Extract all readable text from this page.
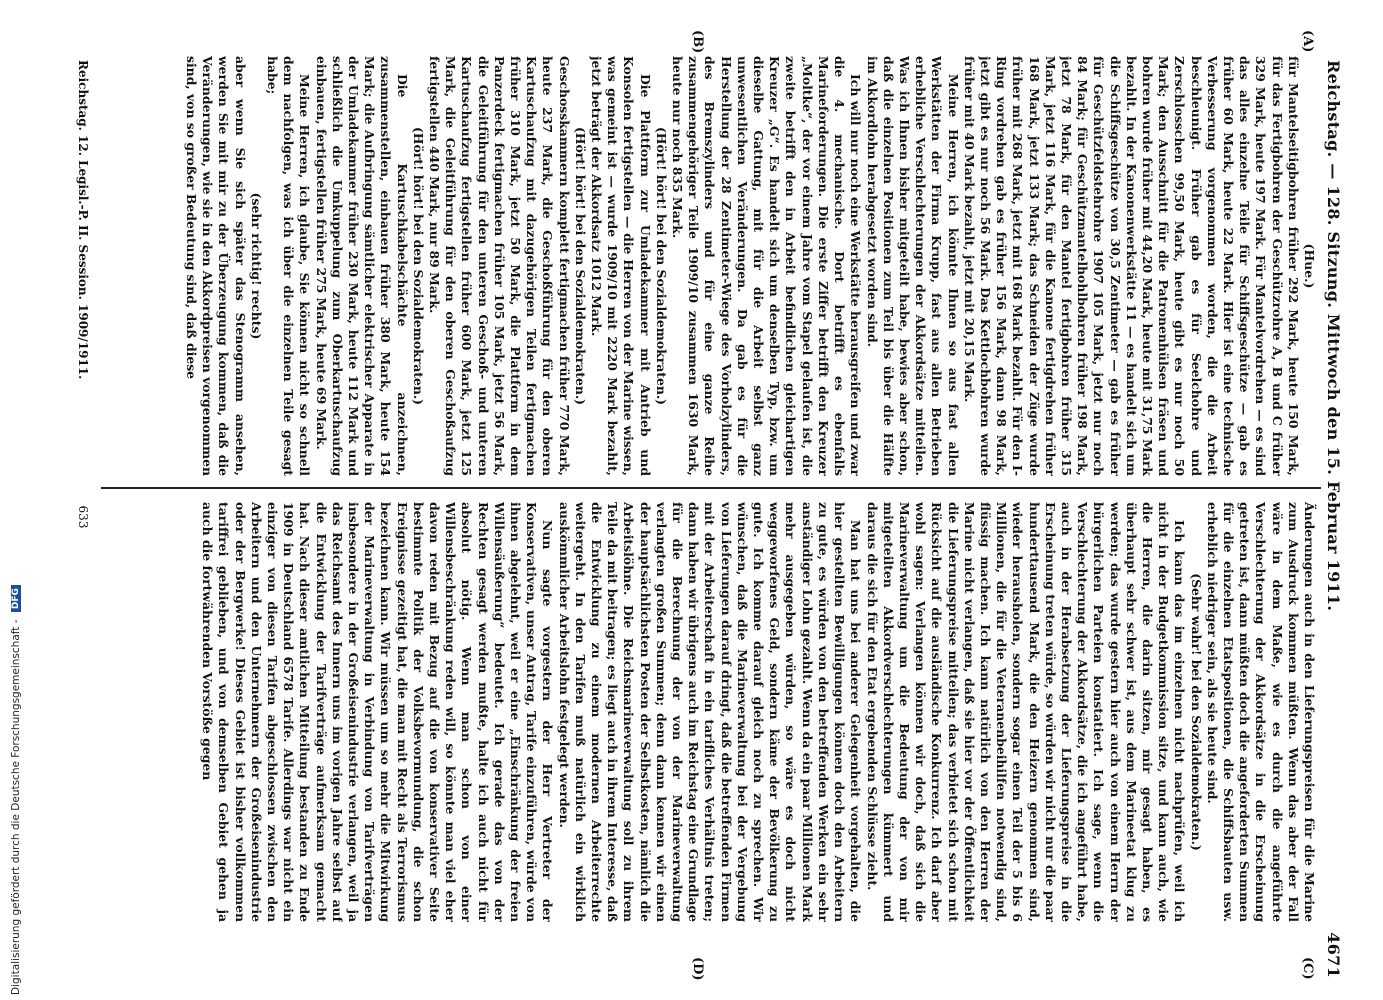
Reichstag. — 128. Sitzung. Mittwoch den 15. Februar 1911.
4671
(A)
(B)
(C)
(D)

(Hue.)

für Mantelseitigbohren früher 292 Mark, heute 150 Mark, für das Fertigbohren der Geschützrohre A, B und C früher 329 Mark, heute 197 Mark. Für Mantelvordrehen — es sind das alles einzelne Teile für Schiffsgeschütze — gab es früher 60 Mark, heute 22 Mark. Hier ist eine technische Verbesserung vorgenommen worden, die die Arbeit beschleunigt. Früher gab es für Seelchohre und Zerschlosschen 99,50 Mark, heute gibt es nur noch 50 Mark; den Ausschnitt für die Patronenhülsen fräsen und bohren wurde früher mit 44,20 Mark, heute mit 31,75 Mark bezahlt. In der Kanonenwerkstätte 11 — es handelt sich um die Schiffsgeschütze von 30,5 Zentimeter — gab es früher für Geschützfeldstehrohre 1907 105 Mark, jetzt nur noch 84 Mark; für Geschützmantelhohlbohren früher 198 Mark, jetzt 78 Mark, für den Mantel fertigbohren früher 315 Mark, jetzt 116 Mark, für die Kanone fertigdrehen früher 168 Mark, jetzt 133 Mark; das Schneiden der Züge wurde früher mit 268 Mark, jetzt mit 168 Mark bezahlt. Für den I-Ring vordrehen gab es früher 156 Mark, dann 98 Mark, jetzt gibt es nur noch 56 Mark. Das Kettlochbohren wurde früher mit 40 Mark bezahlt, jetzt mit 20,15 Mark.

Meine Herren, ich könnte Ihnen so aus fast allen Werkstätten der Firma Krupp, fast aus allen Betrieben erhebliche Verschlechterungen der Akkordsätze mitteilen. Was ich Ihnen bisher mitgeteilt habe, bewies aber schon, daß die einzelnen Positionen zum Teil bis über die Hälfte im Akkordlohn herabgesetzt worden sind.

Ich will nur noch eine Werkstätte herausgreifen und zwar die 4. mechanische. Dort betrifft es ebenfalls Marineforderungen. Die erste Ziffer betrifft den Kreuzer „Moltke“, der vor einem Jahre vom Stapel gelaufen ist, die zweite betrifft den in Arbeit befindlichen gleichartigen Kreuzer „G“. Es handelt sich um denselben Typ, bzw. um dieselbe Gattung, mit für die Arbeit selbst ganz unwesentlichen Veränderungen. Da gab es für die Herstellung der 28 Zentimeter-Wiege des Vorholzylinders, des Bremszylinders und für eine ganze Reihe zusammengehöriger Teile 1909/10 zusammen 1630 Mark, heute nur noch 835 Mark.

(Hört! hört! bei den Sozialdemokraten.)

Die Plattform zur Umladekammer mit Antrieb und Konsolen fertigstellen — die Herren von der Marine wissen, was gemeint ist — wurde 1909/10 mit 2220 Mark bezahlt, jetzt beträgt der Akkordsatz 1012 Mark.

(Hört! hört! bei den Sozialdemokraten.)

Geschosskammern komplett fertigmachen früher 770 Mark, heute 237 Mark, die Geschoßführung für den oberen Kartuschaufzug mit dazugehörigen Teilen fertigmachen früher 310 Mark, jetzt 50 Mark, die Plattform in dem Panzerdeck fertigmachen früher 105 Mark, jetzt 56 Mark, die Geleitführung für den unteren Geschoß- und unteren Kartuschaufzug fertigstellen früher 600 Mark, jetzt 125 Mark, die Geleitführung für den oberen Geschoßaufzug fertigstellen 440 Mark, nur 89 Mark.

(Hört! hört! bei den Sozialdemokraten.)

Die Kartuschkabelschächte anzeichnen, zusammenstellen, einbauen früher 380 Mark, heute 154 Mark; die Aufbringung sämtlicher elektrischer Apparate in der Umladekammer früher 230 Mark, heute 112 Mark und schließlich die Umkuppelung zum Oberkartuschaufzug einbauen, fertigstellen früher 275 Mark, heute 69 Mark.

Meine Herren, ich glaube, Sie können nicht so schnell dem nachfolgen, was ich über die einzelnen Teile gesagt habe;

(sehr richtig! rechts)

aber wenn Sie sich später das Stenogramm ansehen, werden Sie mit mir zu der Überzeugung kommen, daß die Veränderungen, wie sie in den Akkordpreisen vorgenommen sind, von so großer Bedeutung sind, daß diese

Änderungen auch in den Lieferungspreisen für die Marine zum Ausdruck kommen müßten. Wenn das aber der Fall wäre in dem Maße, wie es durch die angeführte Verschlechterung der Akkordsätze in die Erscheinung getreten ist, dann müßten doch die angeforderten Summen für die einzelnen Etatspositionen, die Schiffsbauten usw. erheblich niedriger sein, als sie heute sind.

(Sehr wahr! bei den Sozialdemokraten.)

Ich kann das im einzelnen nicht nachprüfen, weil ich nicht in der Budgetkommission sitze, und kann auch, wie die Herren, die darin sitzen, mir gesagt haben, es überhaupt sehr schwer ist, aus dem Marineetat klug zu werden; das wurde gestern hier auch von einem Herrn der bürgerlichen Parteien konstatiert. Ich sage, wenn die Verschlechterung der Akkordsätze, die ich angeführt habe, auch in der Herabsetzung der Lieferungspreise in die Erscheinung treten würde, so würden wir nicht nur die paar hunderttausend Mark, die den Heizern genommen sind, wieder herausholen, sondern sogar einen Teil der 5 bis 6 Millionen, die für die Veteranenbeihilfen notwendig sind, flüssig machen. Ich kann natürlich von den Herren der Marine nicht verlangen, daß sie hier vor der Öffentlichkeit die Lieferungspreise mitteilen; das verbietet sich schon mit Rücksicht auf die ausländische Konkurrenz. Ich darf aber wohl sagen: Verlangen können wir doch, daß sich die Marineverwaltung um die Bedeutung der von mir mitgeteilten Akkordverschlechterungen kümmert und daraus die sich für den Etat ergebenden Schlüsse zieht.

Man hat uns bei anderer Gelegenheit vorgehalten, die hier gestellten Bewilligungen können doch den Arbeitern zu gute, es würden von den betreffenden Werken ein sehr anständiger Lohn gezahlt. Wenn da ein paar Millionen Mark mehr ausgegeben würden, so wäre es doch nicht weggeworfenes Geld, sondern käme der Bevölkerung zu gute. Ich komme darauf gleich noch zu sprechen. Wir wünschen, daß die Marineverwaltung bei der Vergebung von Lieferungen darauf dringt, daß die betreffenden Firmen mit der Arbeiterschaft in ein tarifliches Verhältnis treten; dann haben wir übrigens auch im Reichstag eine Grundlage für die Berechnung der von der Marineverwaltung verlangten großen Summen; denn dann kennen wir einen der hauptsächlichsten Posten der Selbstkosten, nämlich die Arbeitslöhne. Die Reichsmarineverwaltung soll zu ihrem Teile da mit beitragen; es liegt auch in ihrem Interesse, daß die Entwicklung zu einem modernen Arbeiterrechte weitergeht. In den Tarifen muß natürlich ein wirklich auskömmlicher Arbeitslohn festgelegt werden.

Nun sagte vorgestern der Herr Vertreter der Konservativen, unser Antrag, Tarife einzuführen, würde von ihnen abgelehnt, weil er eine „Einschränkung der freien Willensäußerung“ bedeutet. Ich gerade das von der Rechten gesagt werden mußte, halte ich auch nicht für absolut nötig. Wenn man schon von einer Willensbeschränkung reden will, so könnte man viel eher davon reden mit Bezug auf die von konservativer Seite bestimmte Politik der Volksbevormundung, die schon Ereignisse gezeitigt hat, die man mit Recht als Terrorismus bezeichnen kann. Wir müssen um so mehr die Mitwirkung der Marineverwaltung in Verbindung von Tarifverträgen insbesondere in der Großeisenindustrie verlangen, weil ja das Reichsamt des Innern uns im vorigen Jahre selbst auf die Entwicklung der Tarifverträge aufmerksam gemacht hat. Nach dieser amtlichen Mitteilung bestanden zu Ende 1909 in Deutschland 6578 Tarife. Allerdings war nicht ein einziger von diesen Tarifen abgeschlossen zwischen den Arbeitern und den Unternehmern der Großeisenindustrie oder der Bergwerke! Dieses Gebiet ist bisher vollkommen tariffrei geblieben, und von demselben Gebiet gehen ja auch die fortwährenden Vorstöße gegen

Reichstag. 12. Legisl.-P. II. Session. 1909/1911.
633
Digitalisierung gefördert durch die Deutsche Forschungsgemeinschaft - DFG
